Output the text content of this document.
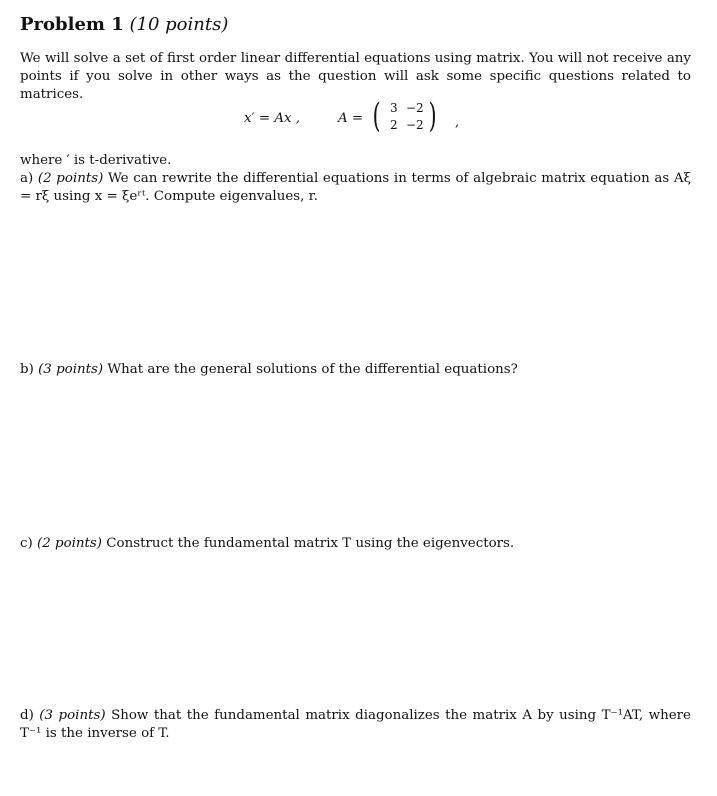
Problem 1 (10 points)
We will solve a set of first order linear differential equations using matrix. You will not receive any points if you solve in other ways as the question will ask some specific questions related to matrices.
x′ = Ax ,	A = ( 3 −2
2 −2 ) ,
where ′ is t-derivative.
a) (2 points) We can rewrite the differential equations in terms of algebraic matrix equation as Aξ = rξ using x = ξeʳᵗ. Compute eigenvalues, r.
b) (3 points) What are the general solutions of the differential equations?
c) (2 points) Construct the fundamental matrix T using the eigenvectors.
d) (3 points) Show that the fundamental matrix diagonalizes the matrix A by using T⁻¹AT, where T⁻¹ is the inverse of T.
